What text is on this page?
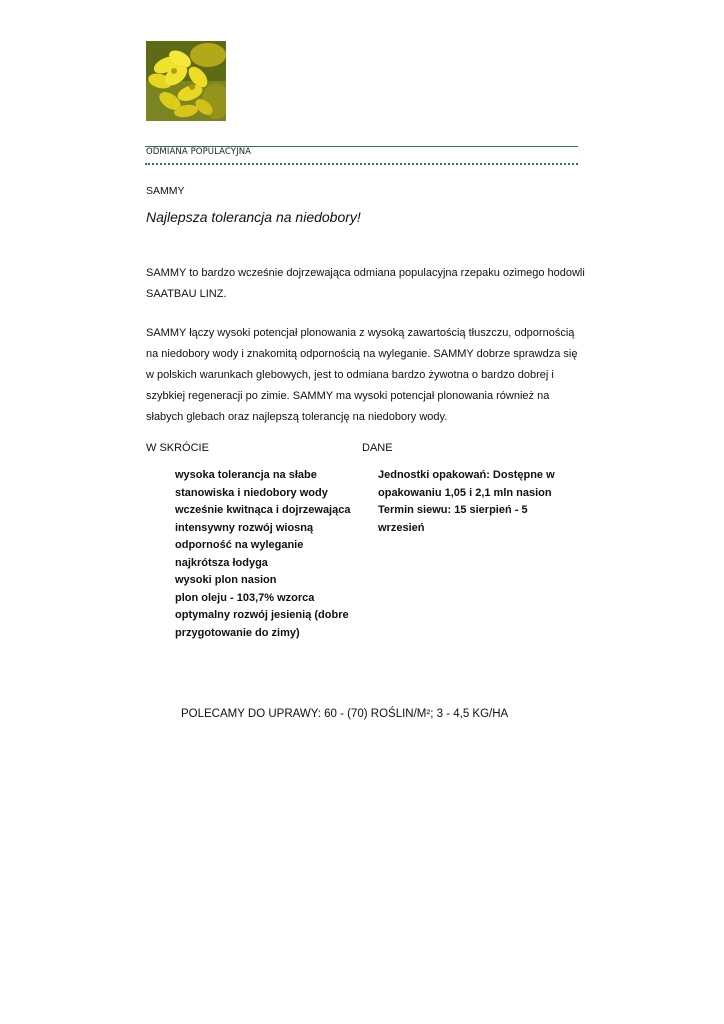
ODMIANA POPULACYJNA
SAMMY
Najlepsza tolerancja na niedobory!
SAMMY to bardzo wcześnie dojrzewająca odmiana populacyjna rzepaku ozimego hodowli SAATBAU LINZ.
SAMMY łączy wysoki potencjał plonowania z wysoką zawartością tłuszczu, odpornością na niedobory wody i znakomitą odpornością na wyleganie. SAMMY dobrze sprawdza się w polskich warunkach glebowych, jest to odmiana bardzo żywotna o bardzo dobrej i szybkiej regeneracji po zimie. SAMMY ma wysoki potencjał plonowania również na słabych glebach oraz najlepszą tolerancję na niedobory wody.
W SKRÓCIE	DANE
wysoka tolerancja na słabe stanowiska i niedobory wody
wcześnie kwitnąca i dojrzewająca
intensywny rozwój wiosną
odporność na wyleganie
najkrótsza łodyga
wysoki plon nasion
plon oleju - 103,7% wzorca
optymalny rozwój jesienią (dobre przygotowanie do zimy)
Jednostki opakowań: Dostępne w opakowaniu 1,05 i 2,1 mln nasion
Termin siewu: 15 sierpień - 5 wrzesień
POLECAMY DO UPRAWY: 60 - (70) ROŚLIN/M²; 3 - 4,5 KG/HA
